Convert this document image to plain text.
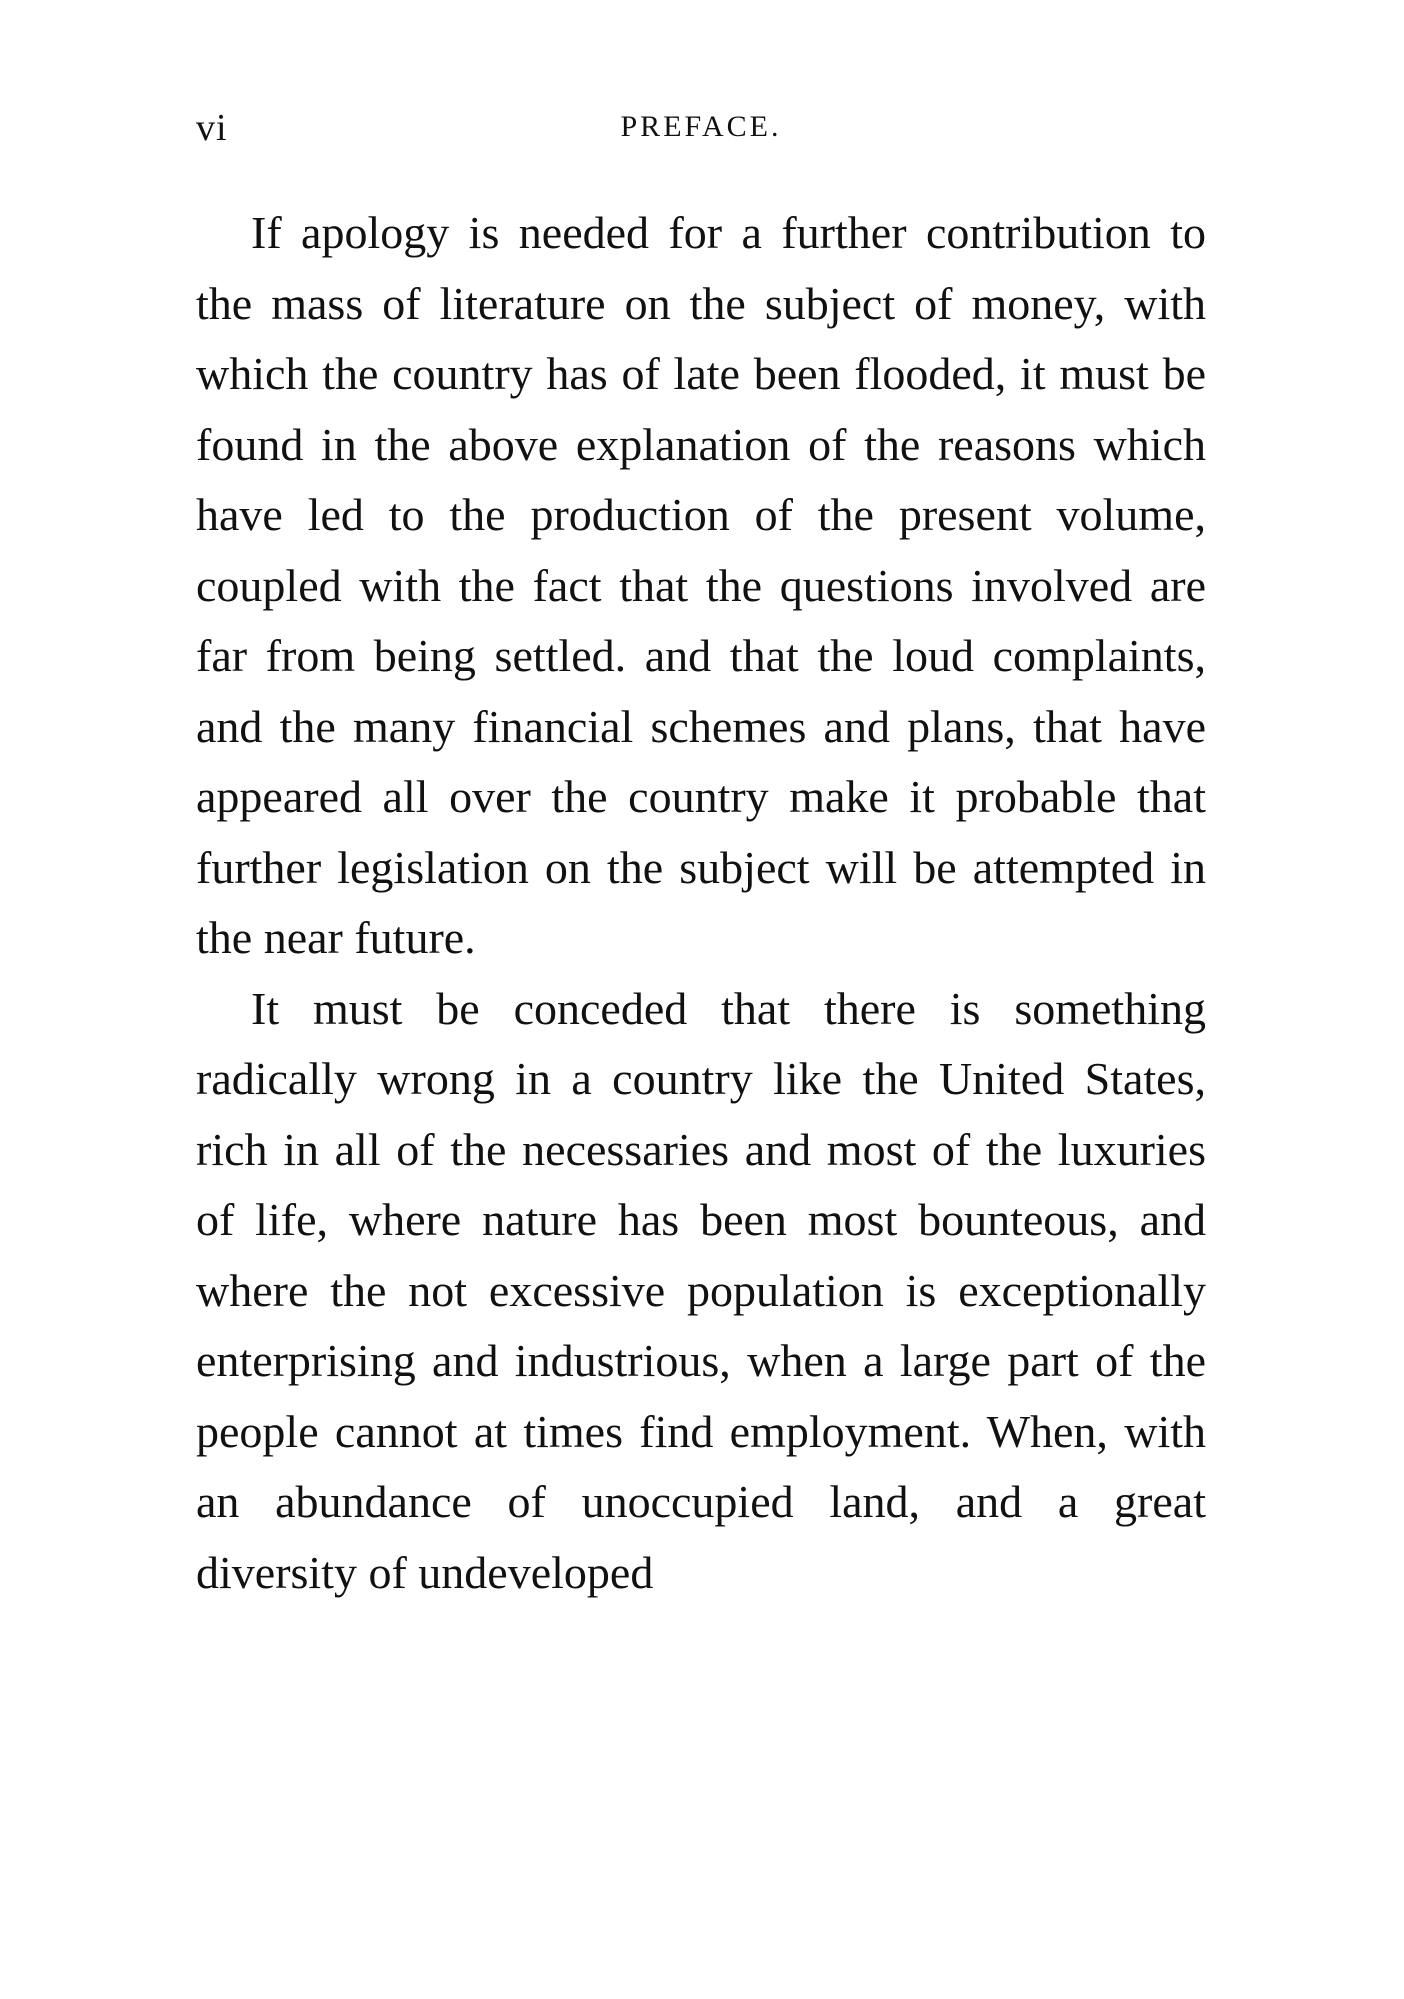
vi	PREFACE.

If apology is needed for a further contribution to the mass of literature on the subject of money, with which the country has of late been flooded, it must be found in the above explanation of the reasons which have led to the production of the present volume, coupled with the fact that the questions involved are far from being settled. and that the loud complaints, and the many financial schemes and plans, that have appeared all over the country make it probable that further legislation on the subject will be attempted in the near future.

It must be conceded that there is something radically wrong in a country like the United States, rich in all of the necessaries and most of the luxuries of life, where nature has been most bounteous, and where the not excessive population is exceptionally enterprising and industrious, when a large part of the people cannot at times find employment. When, with an abundance of unoccupied land, and a great diversity of undeveloped
